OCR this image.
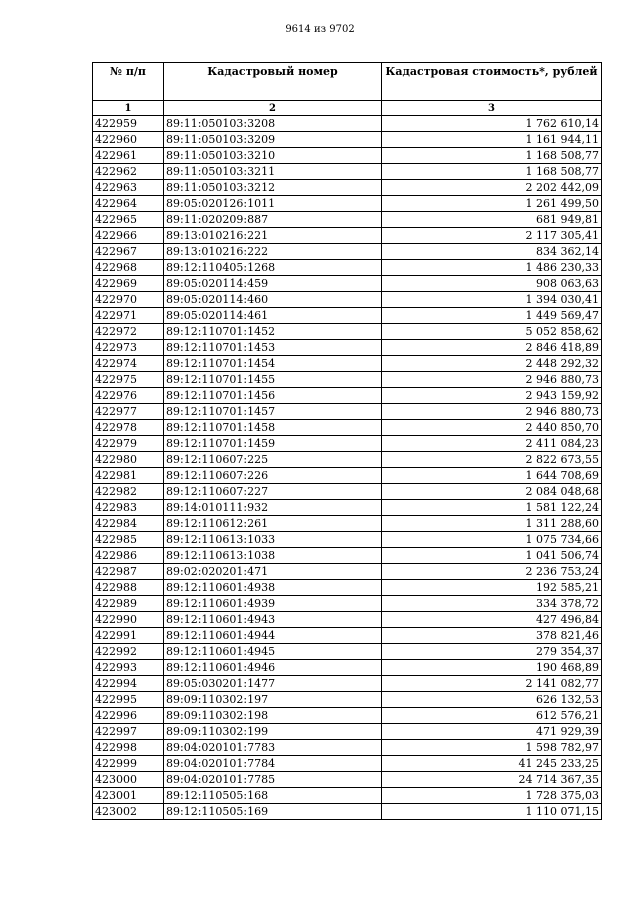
9614 из 9702
№ п/п	Кадастровый номер	Кадастровая стоимость*, рублей
1	2	3
422959	89:11:050103:3208	1 762 610,14
422960	89:11:050103:3209	1 161 944,11
422961	89:11:050103:3210	1 168 508,77
422962	89:11:050103:3211	1 168 508,77
422963	89:11:050103:3212	2 202 442,09
422964	89:05:020126:1011	1 261 499,50
422965	89:11:020209:887	681 949,81
422966	89:13:010216:221	2 117 305,41
422967	89:13:010216:222	834 362,14
422968	89:12:110405:1268	1 486 230,33
422969	89:05:020114:459	908 063,63
422970	89:05:020114:460	1 394 030,41
422971	89:05:020114:461	1 449 569,47
422972	89:12:110701:1452	5 052 858,62
422973	89:12:110701:1453	2 846 418,89
422974	89:12:110701:1454	2 448 292,32
422975	89:12:110701:1455	2 946 880,73
422976	89:12:110701:1456	2 943 159,92
422977	89:12:110701:1457	2 946 880,73
422978	89:12:110701:1458	2 440 850,70
422979	89:12:110701:1459	2 411 084,23
422980	89:12:110607:225	2 822 673,55
422981	89:12:110607:226	1 644 708,69
422982	89:12:110607:227	2 084 048,68
422983	89:14:010111:932	1 581 122,24
422984	89:12:110612:261	1 311 288,60
422985	89:12:110613:1033	1 075 734,66
422986	89:12:110613:1038	1 041 506,74
422987	89:02:020201:471	2 236 753,24
422988	89:12:110601:4938	192 585,21
422989	89:12:110601:4939	334 378,72
422990	89:12:110601:4943	427 496,84
422991	89:12:110601:4944	378 821,46
422992	89:12:110601:4945	279 354,37
422993	89:12:110601:4946	190 468,89
422994	89:05:030201:1477	2 141 082,77
422995	89:09:110302:197	626 132,53
422996	89:09:110302:198	612 576,21
422997	89:09:110302:199	471 929,39
422998	89:04:020101:7783	1 598 782,97
422999	89:04:020101:7784	41 245 233,25
423000	89:04:020101:7785	24 714 367,35
423001	89:12:110505:168	1 728 375,03
423002	89:12:110505:169	1 110 071,15
